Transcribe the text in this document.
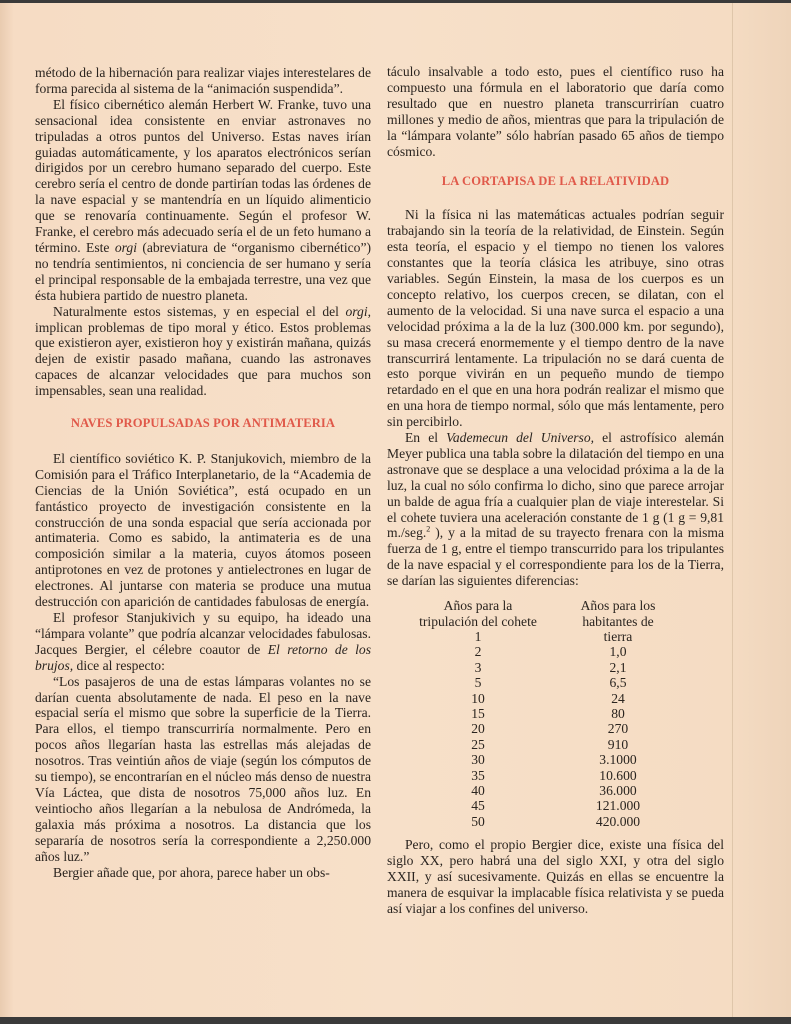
método de la hibernación para realizar viajes interestelares de forma parecida al sistema de la “animación suspendida”.

El físico cibernético alemán Herbert W. Franke, tuvo una sensacional idea consistente en enviar astronaves no tripuladas a otros puntos del Universo. Estas naves irían guiadas automáticamente, y los aparatos electrónicos serían dirigidos por un cerebro humano separado del cuerpo. Este cerebro sería el centro de donde partirían todas las órdenes de la nave espacial y se mantendría en un líquido alimenticio que se renovaría continuamente. Según el profesor W. Franke, el cerebro más adecuado sería el de un feto humano a término. Este orgi (abreviatura de “organismo cibernético”) no tendría sentimientos, ni conciencia de ser humano y sería el principal responsable de la embajada terrestre, una vez que ésta hubiera partido de nuestro planeta.

Naturalmente estos sistemas, y en especial el del orgi, implican problemas de tipo moral y ético. Estos problemas que existieron ayer, existieron hoy y existirán mañana, quizás dejen de existir pasado mañana, cuando las astronaves capaces de alcanzar velocidades que para muchos son impensables, sean una realidad.

NAVES PROPULSADAS POR ANTIMATERIA

El científico soviético K. P. Stanjukovich, miembro de la Comisión para el Tráfico Interplanetario, de la “Academia de Ciencias de la Unión Soviética”, está ocupado en un fantástico proyecto de investigación consistente en la construcción de una sonda espacial que sería accionada por antimateria. Como es sabido, la antimateria es de una composición similar a la materia, cuyos átomos poseen antiprotones en vez de protones y antielectrones en lugar de electrones. Al juntarse con materia se produce una mutua destrucción con aparición de cantidades fabulosas de energía.

El profesor Stanjukivich y su equipo, ha ideado una “lámpara volante” que podría alcanzar velocidades fabulosas. Jacques Bergier, el célebre coautor de El retorno de los brujos, dice al respecto:

“Los pasajeros de una de estas lámparas volantes no se darían cuenta absolutamente de nada. El peso en la nave espacial sería el mismo que sobre la superficie de la Tierra. Para ellos, el tiempo transcurriría normalmente. Pero en pocos años llegarían hasta las estrellas más alejadas de nosotros. Tras veintiún años de viaje (según los cómputos de su tiempo), se encontrarían en el núcleo más denso de nuestra Vía Láctea, que dista de nosotros 75,000 años luz. En veintiocho años llegarían a la nebulosa de Andrómeda, la galaxia más próxima a nosotros. La distancia que los separaría de nosotros sería la correspondiente a 2,250.000 años luz.”

Bergier añade que, por ahora, parece haber un obs-

táculo insalvable a todo esto, pues el científico ruso ha compuesto una fórmula en el laboratorio que daría como resultado que en nuestro planeta transcurrirían cuatro millones y medio de años, mientras que para la tripulación de la “lámpara volante” sólo habrían pasado 65 años de tiempo cósmico.

LA CORTAPISA DE LA RELATIVIDAD

Ni la física ni las matemáticas actuales podrían seguir trabajando sin la teoría de la relatividad, de Einstein. Según esta teoría, el espacio y el tiempo no tienen los valores constantes que la teoría clásica les atribuye, sino otras variables. Según Einstein, la masa de los cuerpos es un concepto relativo, los cuerpos crecen, se dilatan, con el aumento de la velocidad. Si una nave surca el espacio a una velocidad próxima a la de la luz (300.000 km. por segundo), su masa crecerá enormemente y el tiempo dentro de la nave transcurrirá lentamente. La tripulación no se dará cuenta de esto porque vivirán en un pequeño mundo de tiempo retardado en el que en una hora podrán realizar el mismo que en una hora de tiempo normal, sólo que más lentamente, pero sin percibirlo.

En el Vademecun del Universo, el astrofísico alemán Meyer publica una tabla sobre la dilatación del tiempo en una astronave que se desplace a una velocidad próxima a la de la luz, la cual no sólo confirma lo dicho, sino que parece arrojar un balde de agua fría a cualquier plan de viaje interestelar. Si el cohete tuviera una aceleración constante de 1 g (1 g = 9,81 m./seg.$^2$ ), y a la mitad de su trayecto frenara con la misma fuerza de 1 g, entre el tiempo transcurrido para los tripulantes de la nave espacial y el correspondiente para los de la Tierra, se darían las siguientes diferencias:

Años para la
tripulación del cohete
1
2
3
5
10
15
20
25
30
35
40
45
50
Años para los
habitantes de
tierra
1,0
2,1
6,5
24
80
270
910
3.1000
10.600
36.000
121.000
420.000

Pero, como el propio Bergier dice, existe una física del siglo XX, pero habrá una del siglo XXI, y otra del siglo XXII, y así sucesivamente. Quizás en ellas se encuentre la manera de esquivar la implacable física relativista y se pueda así viajar a los confines del universo.
